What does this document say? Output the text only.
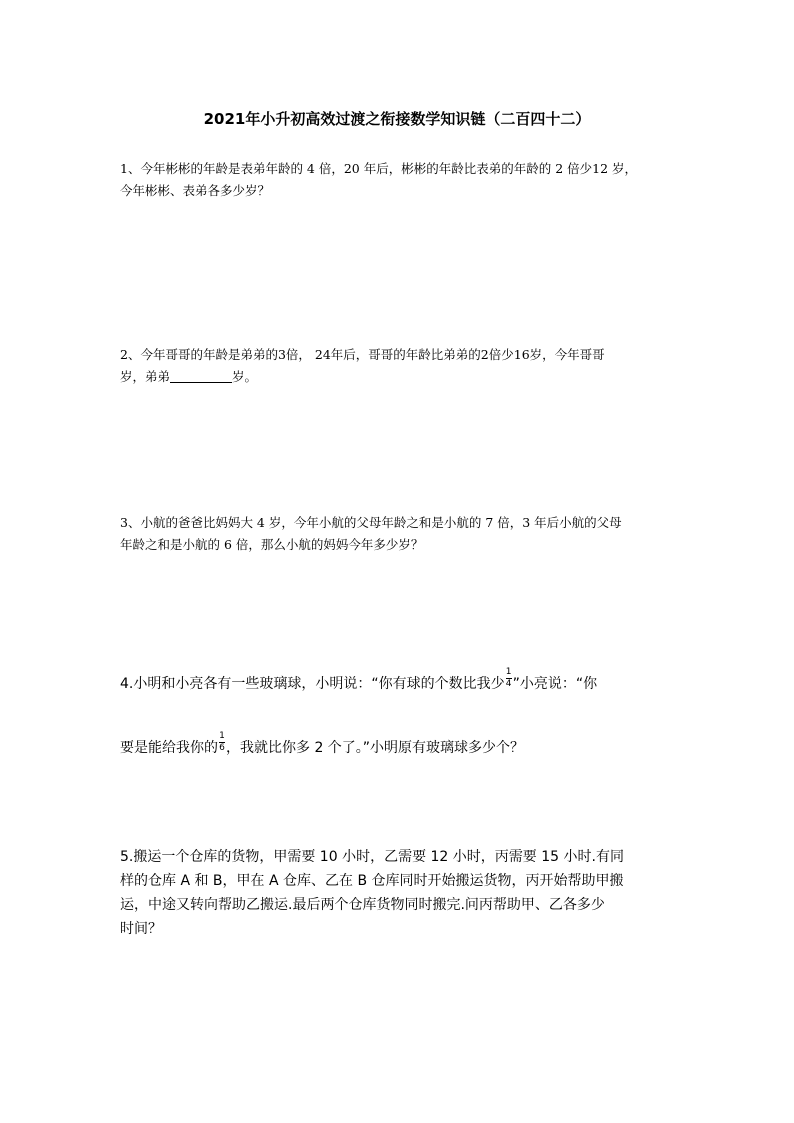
2021年小升初高效过渡之衔接数学知识链（二百四十二）

1、今年彬彬的年龄是表弟年龄的 4 倍，20 年后，彬彬的年龄比表弟的年龄的 2 倍少12 岁，

今年彬彬、表弟各多少岁？

2、今年哥哥的年龄是弟弟的3倍， 24年后，哥哥的年龄比弟弟的2倍少16岁，今年哥哥

岁，弟弟	岁。

3、小航的爸爸比妈妈大 4 岁，今年小航的父母年龄之和是小航的 7 倍，3 年后小航的父母

年龄之和是小航的 6 倍，那么小航的妈妈今年多少岁？

4.小明和小亮各有一些玻璃球，小明说：“你有球的个数比我少 $\frac{1}{4}$ ”小亮说：“你

要是能给我你的 $\frac{1}{6}$ ，我就比你多 2 个了。”小明原有玻璃球多少个？

5.搬运一个仓库的货物，甲需要 10 小时，乙需要 12 小时，丙需要 15 小时.有同

样的仓库 A 和 B，甲在 A 仓库、乙在 B 仓库同时开始搬运货物，丙开始帮助甲搬

运，中途又转向帮助乙搬运.最后两个仓库货物同时搬完.问丙帮助甲、乙各多少

时间？
